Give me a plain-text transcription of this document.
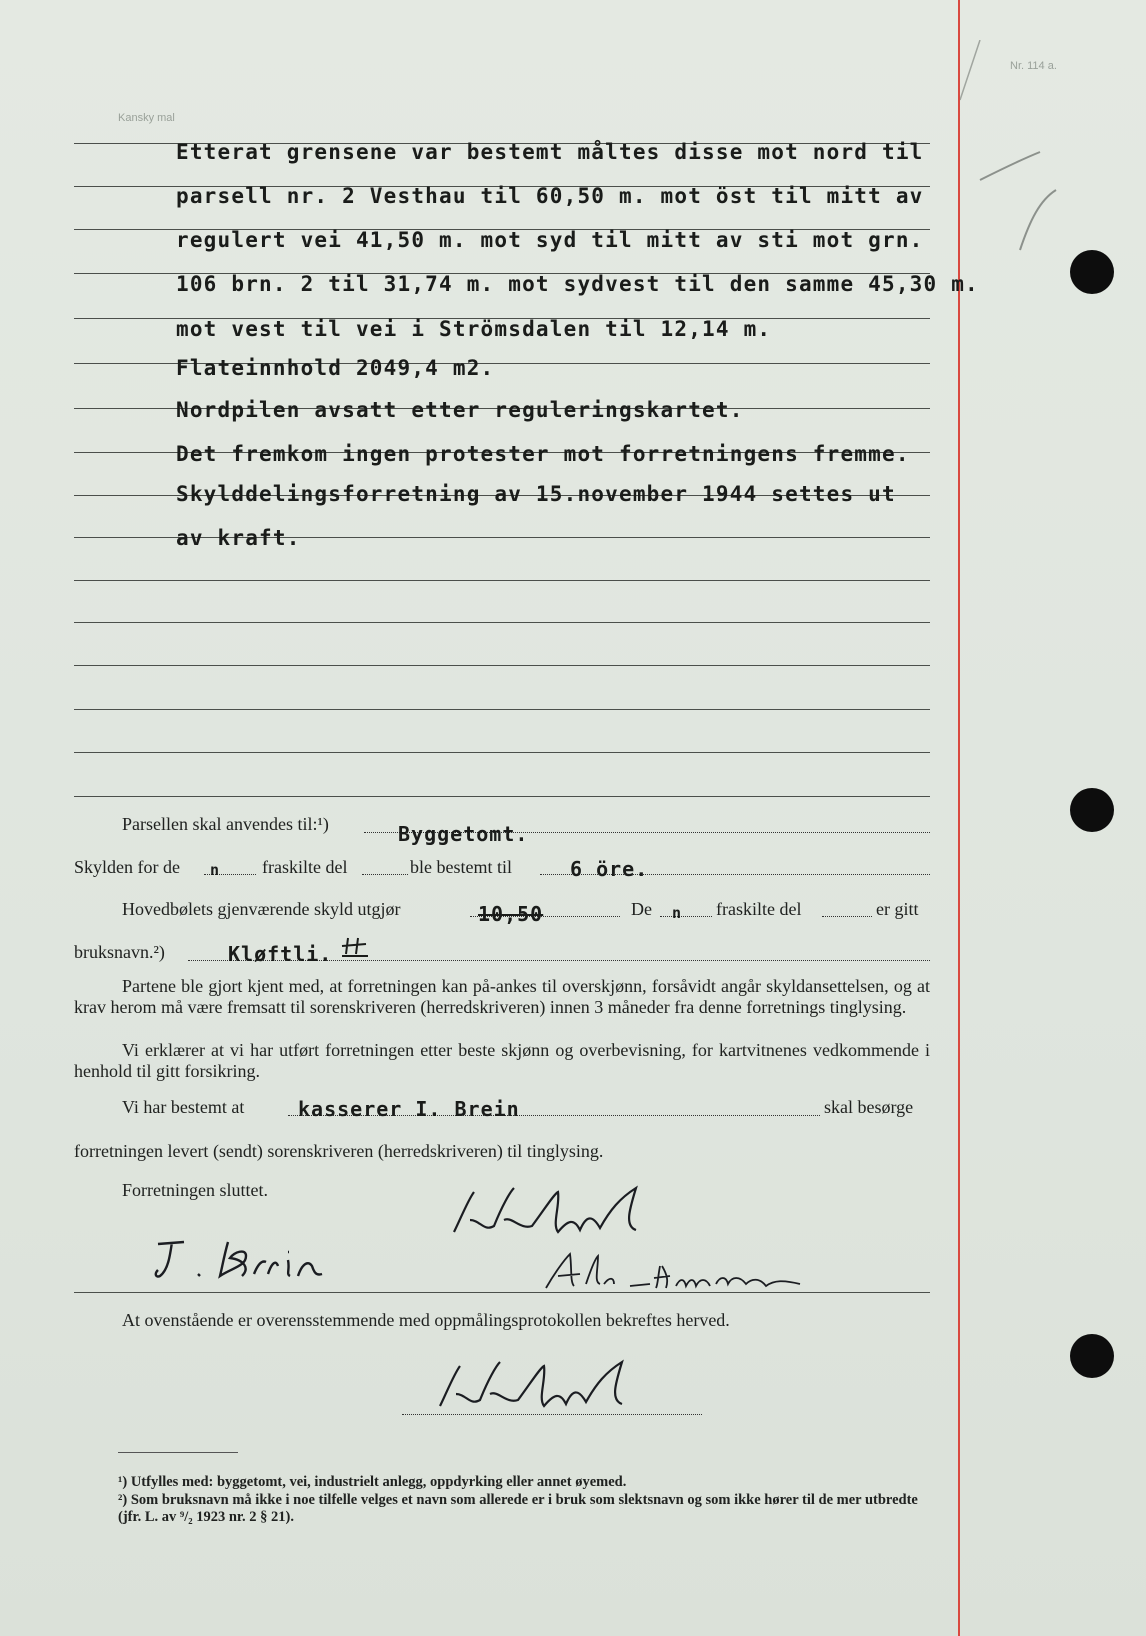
Nr. 114 a.
Kansky mal
Etterat grensene var bestemt måltes disse mot nord til
parsell nr. 2 Vesthau til 60,50 m. mot öst til mitt av
regulert vei 41,50 m. mot syd til mitt av sti mot grn.
106 brn. 2 til 31,74 m. mot sydvest til den samme 45,30 m.
mot vest til vei i Strömsdalen til 12,14 m.
Flateinnhold 2049,4 m2.
Nordpilen avsatt etter reguleringskartet.
Det fremkom ingen protester mot forretningens fremme.
Skylddelingsforretning av 15.november 1944 settes ut
av kraft.
Parsellen skal anvendes til:¹)	Byggetomt.
Skylden for de n fraskilte del	ble bestemt til	6 öre.
Hovedbølets gjenværende skyld utgjør	10,50	De n fraskilte del	er gitt
bruksnavn.²)	Kløftli.
Partene ble gjort kjent med, at forretningen kan på-ankes til overskjønn, forsåvidt angår skyldansettelsen, og at krav herom må være fremsatt til sorenskriveren (herredskriveren) innen 3 måneder fra denne forretnings tinglysing.
Vi erklærer at vi har utført forretningen etter beste skjønn og overbevisning, for kartvitnenes vedkommende i henhold til gitt forsikring.
Vi har bestemt at	kasserer I. Brein	skal besørge
forretningen levert (sendt) sorenskriveren (herredskriveren) til tinglysing.
Forretningen sluttet.
E.K.Ruud
J. Brein
Alb. Henriksen
At ovenstående er overensstemmende med oppmålingsprotokollen bekreftes herved.
E.K.Ruud
¹) Utfylles med: byggetomt, vei, industrielt anlegg, oppdyrking eller annet øyemed.
²) Som bruksnavn må ikke i noe tilfelle velges et navn som allerede er i bruk som slektsnavn og som ikke hører til de mer utbredte (jfr. L. av ⁹/₂ 1923 nr. 2 § 21).
